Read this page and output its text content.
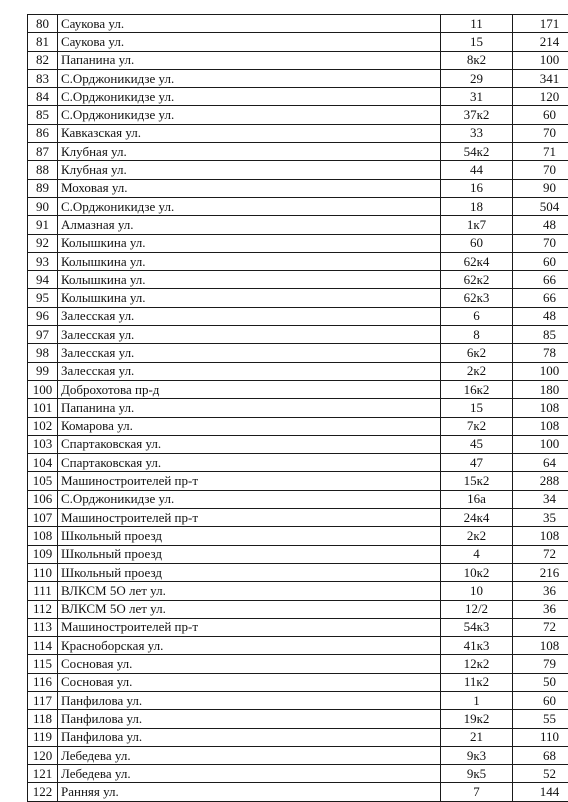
80	Саукова ул.	11	171
81	Саукова ул.	15	214
82	Папанина ул.	8к2	100
83	С.Орджоникидзе ул.	29	341
84	С.Орджоникидзе ул.	31	120
85	С.Орджоникидзе ул.	37к2	60
86	Кавказская ул.	33	70
87	Клубная ул.	54к2	71
88	Клубная ул.	44	70
89	Моховая ул.	16	90
90	С.Орджоникидзе ул.	18	504
91	Алмазная ул.	1к7	48
92	Колышкина ул.	60	70
93	Колышкина ул.	62к4	60
94	Колышкина ул.	62к2	66
95	Колышкина ул.	62к3	66
96	Залесская ул.	6	48
97	Залесская ул.	8	85
98	Залесская ул.	6к2	78
99	Залесская ул.	2к2	100
100	Доброхотова пр-д	16к2	180
101	Папанина ул.	15	108
102	Комарова ул.	7к2	108
103	Спартаковская ул.	45	100
104	Спартаковская ул.	47	64
105	Машиностроителей пр-т	15к2	288
106	С.Орджоникидзе ул.	16а	34
107	Машиностроителей пр-т	24к4	35
108	Школьный проезд	2к2	108
109	Школьный проезд	4	72
110	Школьный проезд	10к2	216
111	ВЛКСМ 5О лет ул.	10	36
112	ВЛКСМ 5О лет ул.	12/2	36
113	Машиностроителей пр-т	54к3	72
114	Красноборская ул.	41к3	108
115	Сосновая ул.	12к2	79
116	Сосновая ул.	11к2	50
117	Панфилова ул.	1	60
118	Панфилова ул.	19к2	55
119	Панфилова ул.	21	110
120	Лебедева ул.	9к3	68
121	Лебедева ул.	9к5	52
122	Ранняя ул.	7	144
